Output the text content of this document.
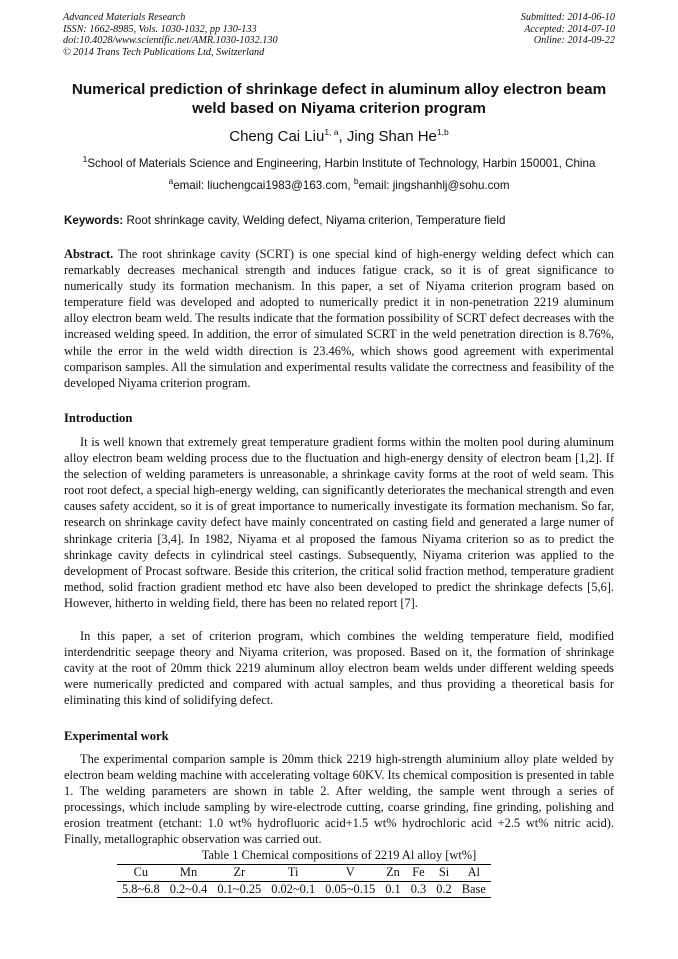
Advanced Materials Research
ISSN: 1662-8985, Vols. 1030-1032, pp 130-133
doi:10.4028/www.scientific.net/AMR.1030-1032.130
© 2014 Trans Tech Publications Ltd, Switzerland
Submitted: 2014-06-10
Accepted: 2014-07-10
Online: 2014-09-22
Numerical prediction of shrinkage defect in aluminum alloy electron beam weld based on Niyama criterion program
Cheng Cai Liu$^{1, a}$, Jing Shan He$^{1,b}$
$^1$School of Materials Science and Engineering, Harbin Institute of Technology, Harbin 150001, China
$^a$email: liuchengcai1983@163.com, $^b$email: jingshanhlj@sohu.com
Keywords: Root shrinkage cavity, Welding defect, Niyama criterion, Temperature field
Abstract. The root shrinkage cavity (SCRT) is one special kind of high-energy welding defect which can remarkably decreases mechanical strength and induces fatigue crack, so it is of great significance to numerically study its formation mechanism. In this paper, a set of Niyama criterion program based on temperature field was developed and adopted to numerically predict it in non-penetration 2219 aluminum alloy electron beam weld. The results indicate that the formation possibility of SCRT defect decreases with the increased welding speed. In addition, the error of simulated SCRT in the weld penetration direction is 8.76%, while the error in the weld width direction is 23.46%, which shows good agreement with experimental comparison samples. All the simulation and experimental results validate the correctness and feasibility of the developed Niyama criterion program.
Introduction
It is well known that extremely great temperature gradient forms within the molten pool during aluminum alloy electron beam welding process due to the fluctuation and high-energy density of electron beam [1,2]. If the selection of welding parameters is unreasonable, a shrinkage cavity forms at the root of weld seam. This root root defect, a special high-energy welding, can significantly deteriorates the mechanical strength and even causes safety accident, so it is of great importance to numerically investigate its formation mechanism. So far, research on shrinkage cavity defect have mainly concentrated on casting field and generated a large numer of shrinkage criteria [3,4]. In 1982, Niyama et al proposed the famous Niyama criterion so as to predict the shrinkage cavity defects in cylindrical steel castings. Subsequently, Niyama criterion was applied to the development of Procast software. Beside this criterion, the critical solid fraction method, temperature gradient method, solid fraction gradient method etc have also been developed to predict the shrinkage defects [5,6]. However, hitherto in welding field, there has been no related report [7].
In this paper, a set of criterion program, which combines the welding temperature field, modified interdendritic seepage theory and Niyama criterion, was proposed. Based on it, the formation of shrinkage cavity at the root of 20mm thick 2219 aluminum alloy electron beam welds under different welding speeds were numerically predicted and compared with actual samples, and thus providing a theoretical basis for eliminating this kind of solidifying defect.
Experimental work
The experimental comparion sample is 20mm thick 2219 high-strength aluminium alloy plate welded by electron beam welding machine with accelerating voltage 60KV. Its chemical composition is presented in table 1. The welding parameters are shown in table 2. After welding, the sample went through a series of processings, which include sampling by wire-electrode cutting, coarse grinding, fine grinding, polishing and erosion treatment (etchant: 1.0 wt% hydrofluoric acid+1.5 wt% hydrochloric acid +2.5 wt% nitric acid). Finally, metallographic observation was carried out.
Table 1 Chemical compositions of 2219 Al alloy [wt%]
Cu	Mn	Zr	Ti	V	Zn	Fe	Si	Al
5.8~6.8	0.2~0.4	0.1~0.25	0.02~0.1	0.05~0.15	0.1	0.3	0.2	Base
